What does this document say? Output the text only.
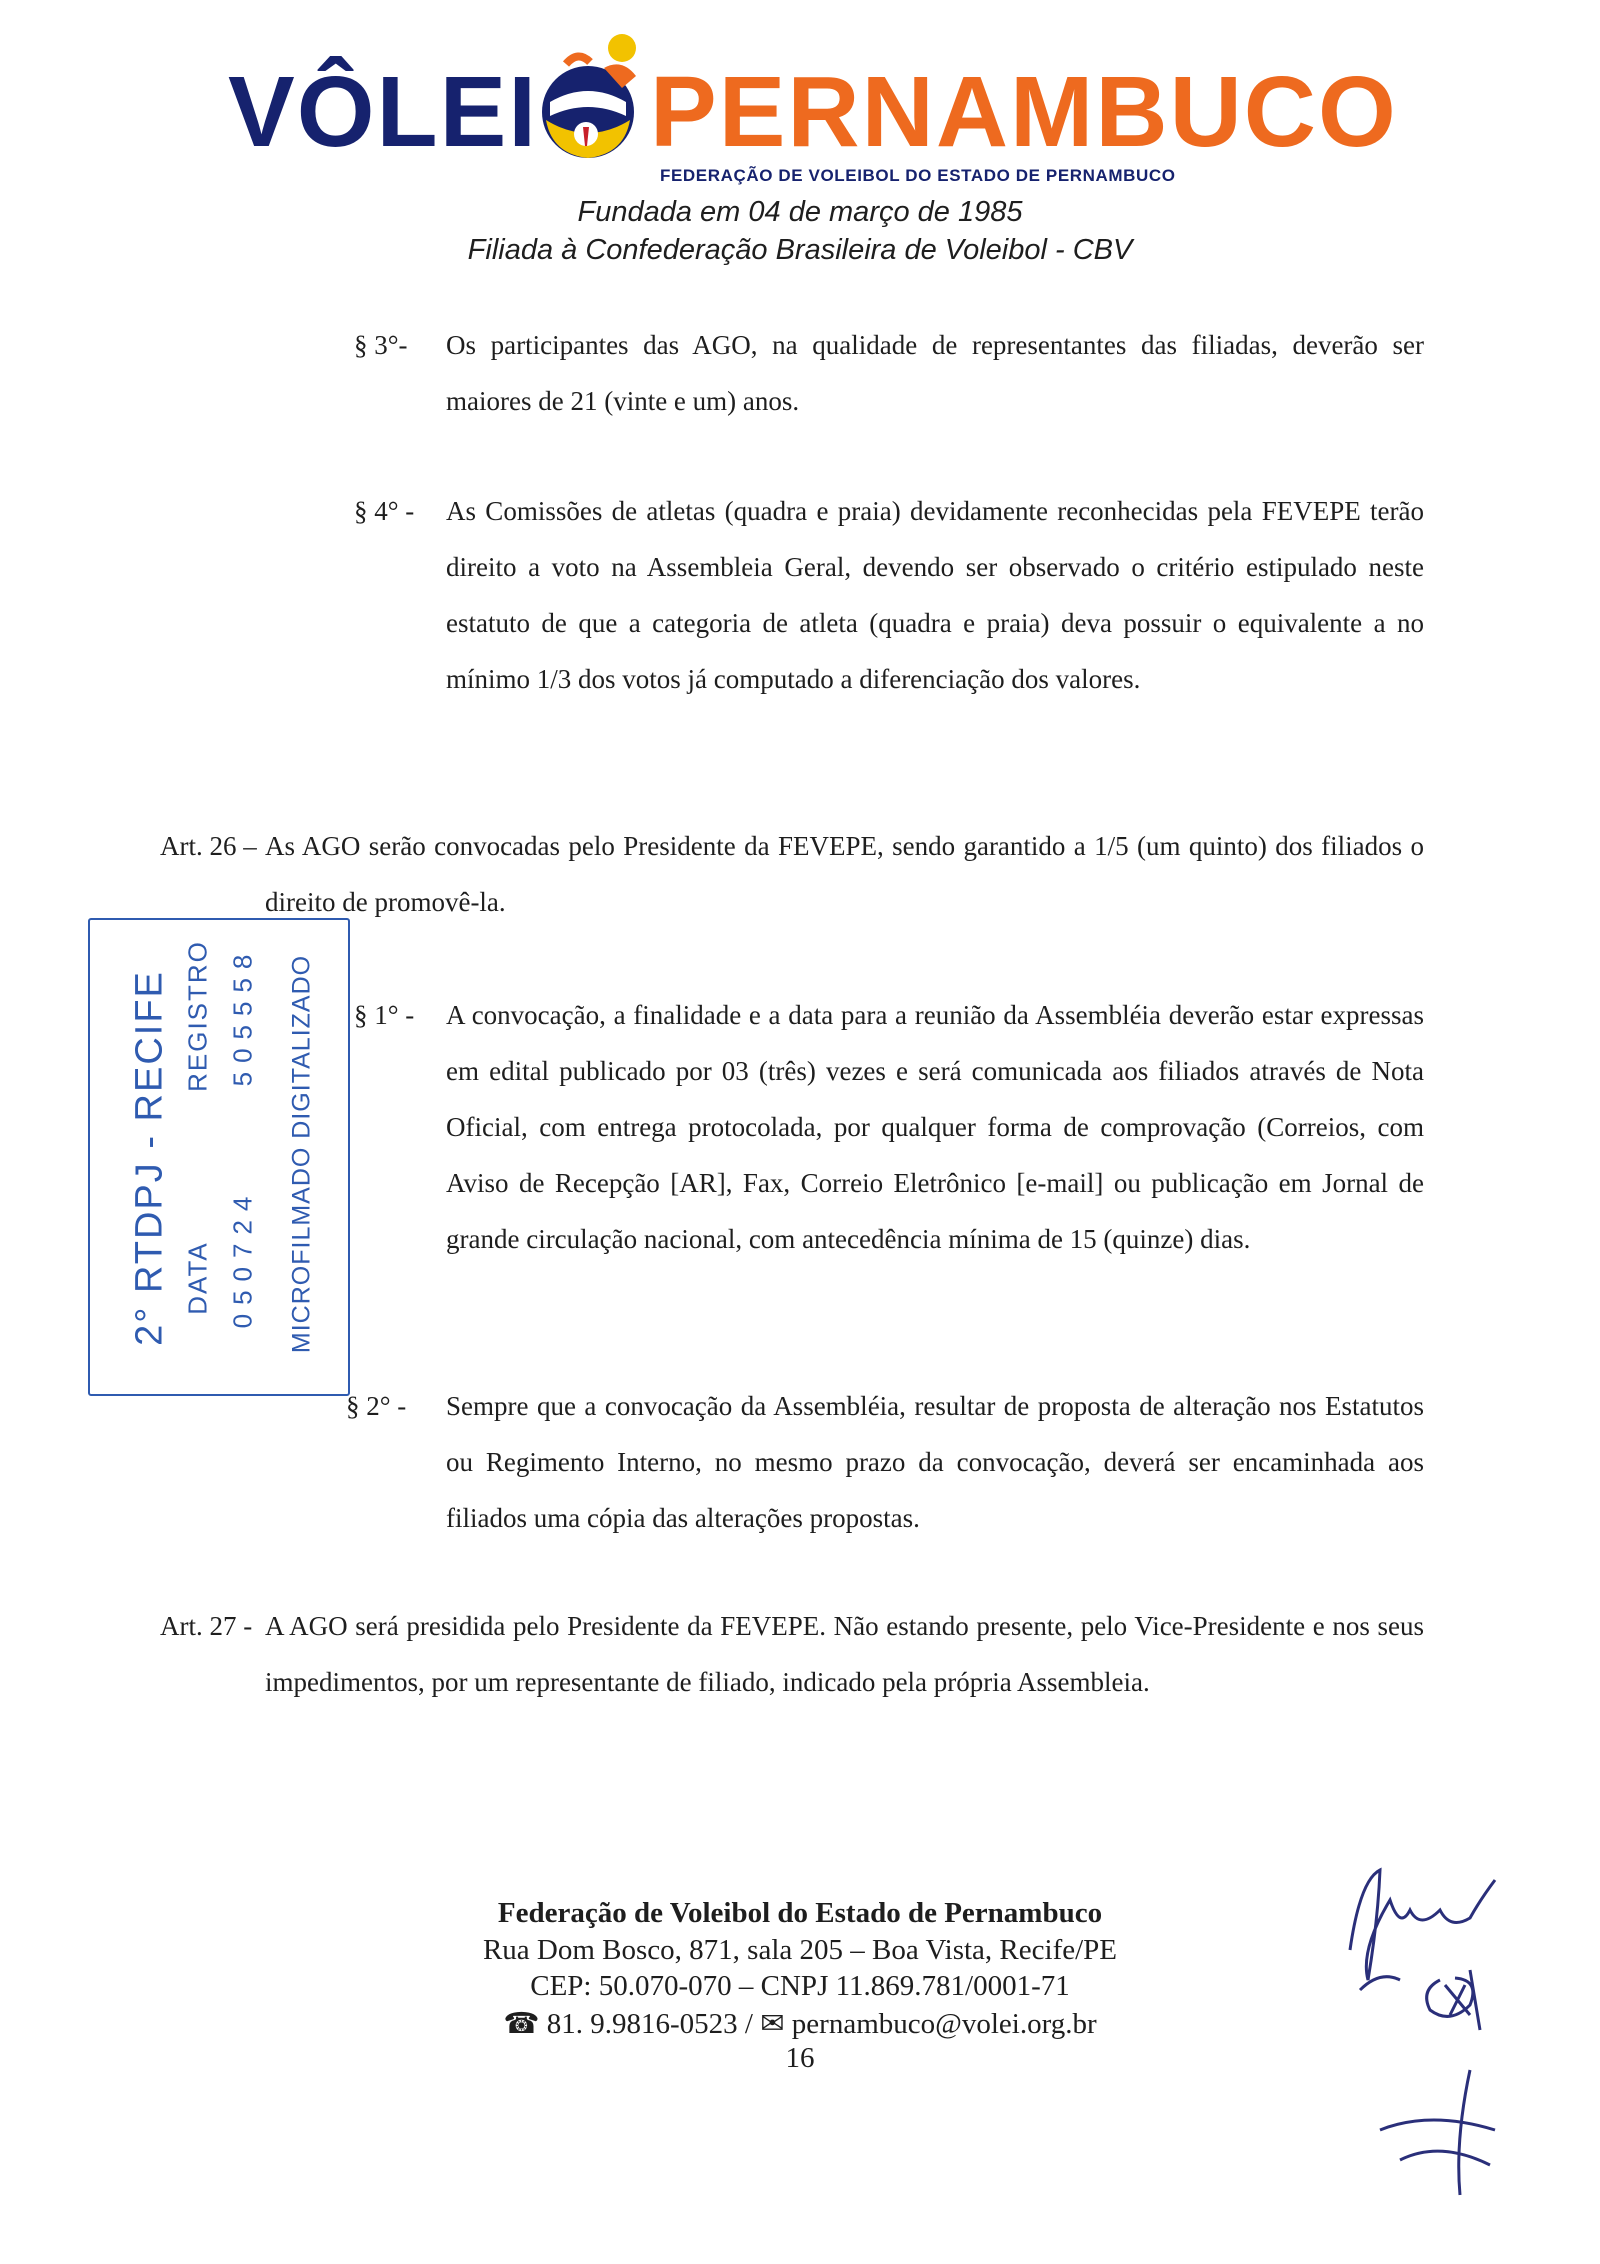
VÔLEI PERNAMBUCO
FEDERAÇÃO DE VOLEIBOL DO ESTADO DE PERNAMBUCO
Fundada em 04 de março de 1985
Filiada à Confederação Brasileira de Voleibol - CBV
§ 3°- Os participantes das AGO, na qualidade de representantes das filiadas, deverão ser maiores de 21 (vinte e um) anos.
§ 4° - As Comissões de atletas (quadra e praia) devidamente reconhecidas pela FEVEPE terão direito a voto na Assembleia Geral, devendo ser observado o critério estipulado neste estatuto de que a categoria de atleta (quadra e praia) deva possuir o equivalente a no mínimo 1/3 dos votos já computado a diferenciação dos valores.
Art. 26 – As AGO serão convocadas pelo Presidente da FEVEPE, sendo garantido a 1/5 (um quinto) dos filiados o direito de promovê-la.
§ 1° - A convocação, a finalidade e a data para a reunião da Assembléia deverão estar expressas em edital publicado por 03 (três) vezes e será comunicada aos filiados através de Nota Oficial, com entrega protocolada, por qualquer forma de comprovação (Correios, com Aviso de Recepção [AR], Fax, Correio Eletrônico [e-mail] ou publicação em Jornal de grande circulação nacional, com antecedência mínima de 15 (quinze) dias.
§ 2° - Sempre que a convocação da Assembléia, resultar de proposta de alteração nos Estatutos ou Regimento Interno, no mesmo prazo da convocação, deverá ser encaminhada aos filiados uma cópia das alterações propostas.
Art. 27 - A AGO será presidida pelo Presidente da FEVEPE. Não estando presente, pelo Vice-Presidente e nos seus impedimentos, por um representante de filiado, indicado pela própria Assembleia.
2° RTDPJ - RECIFE DATA
REGISTRO
050724
505558 MICROFILMADO DIGITALIZADO
Federação de Voleibol do Estado de Pernambuco
Rua Dom Bosco, 871, sala 205 – Boa Vista, Recife/PE
CEP: 50.070-070 – CNPJ 11.869.781/0001-71
☎ 81. 9.9816-0523 / ✉ pernambuco@volei.org.br
16
